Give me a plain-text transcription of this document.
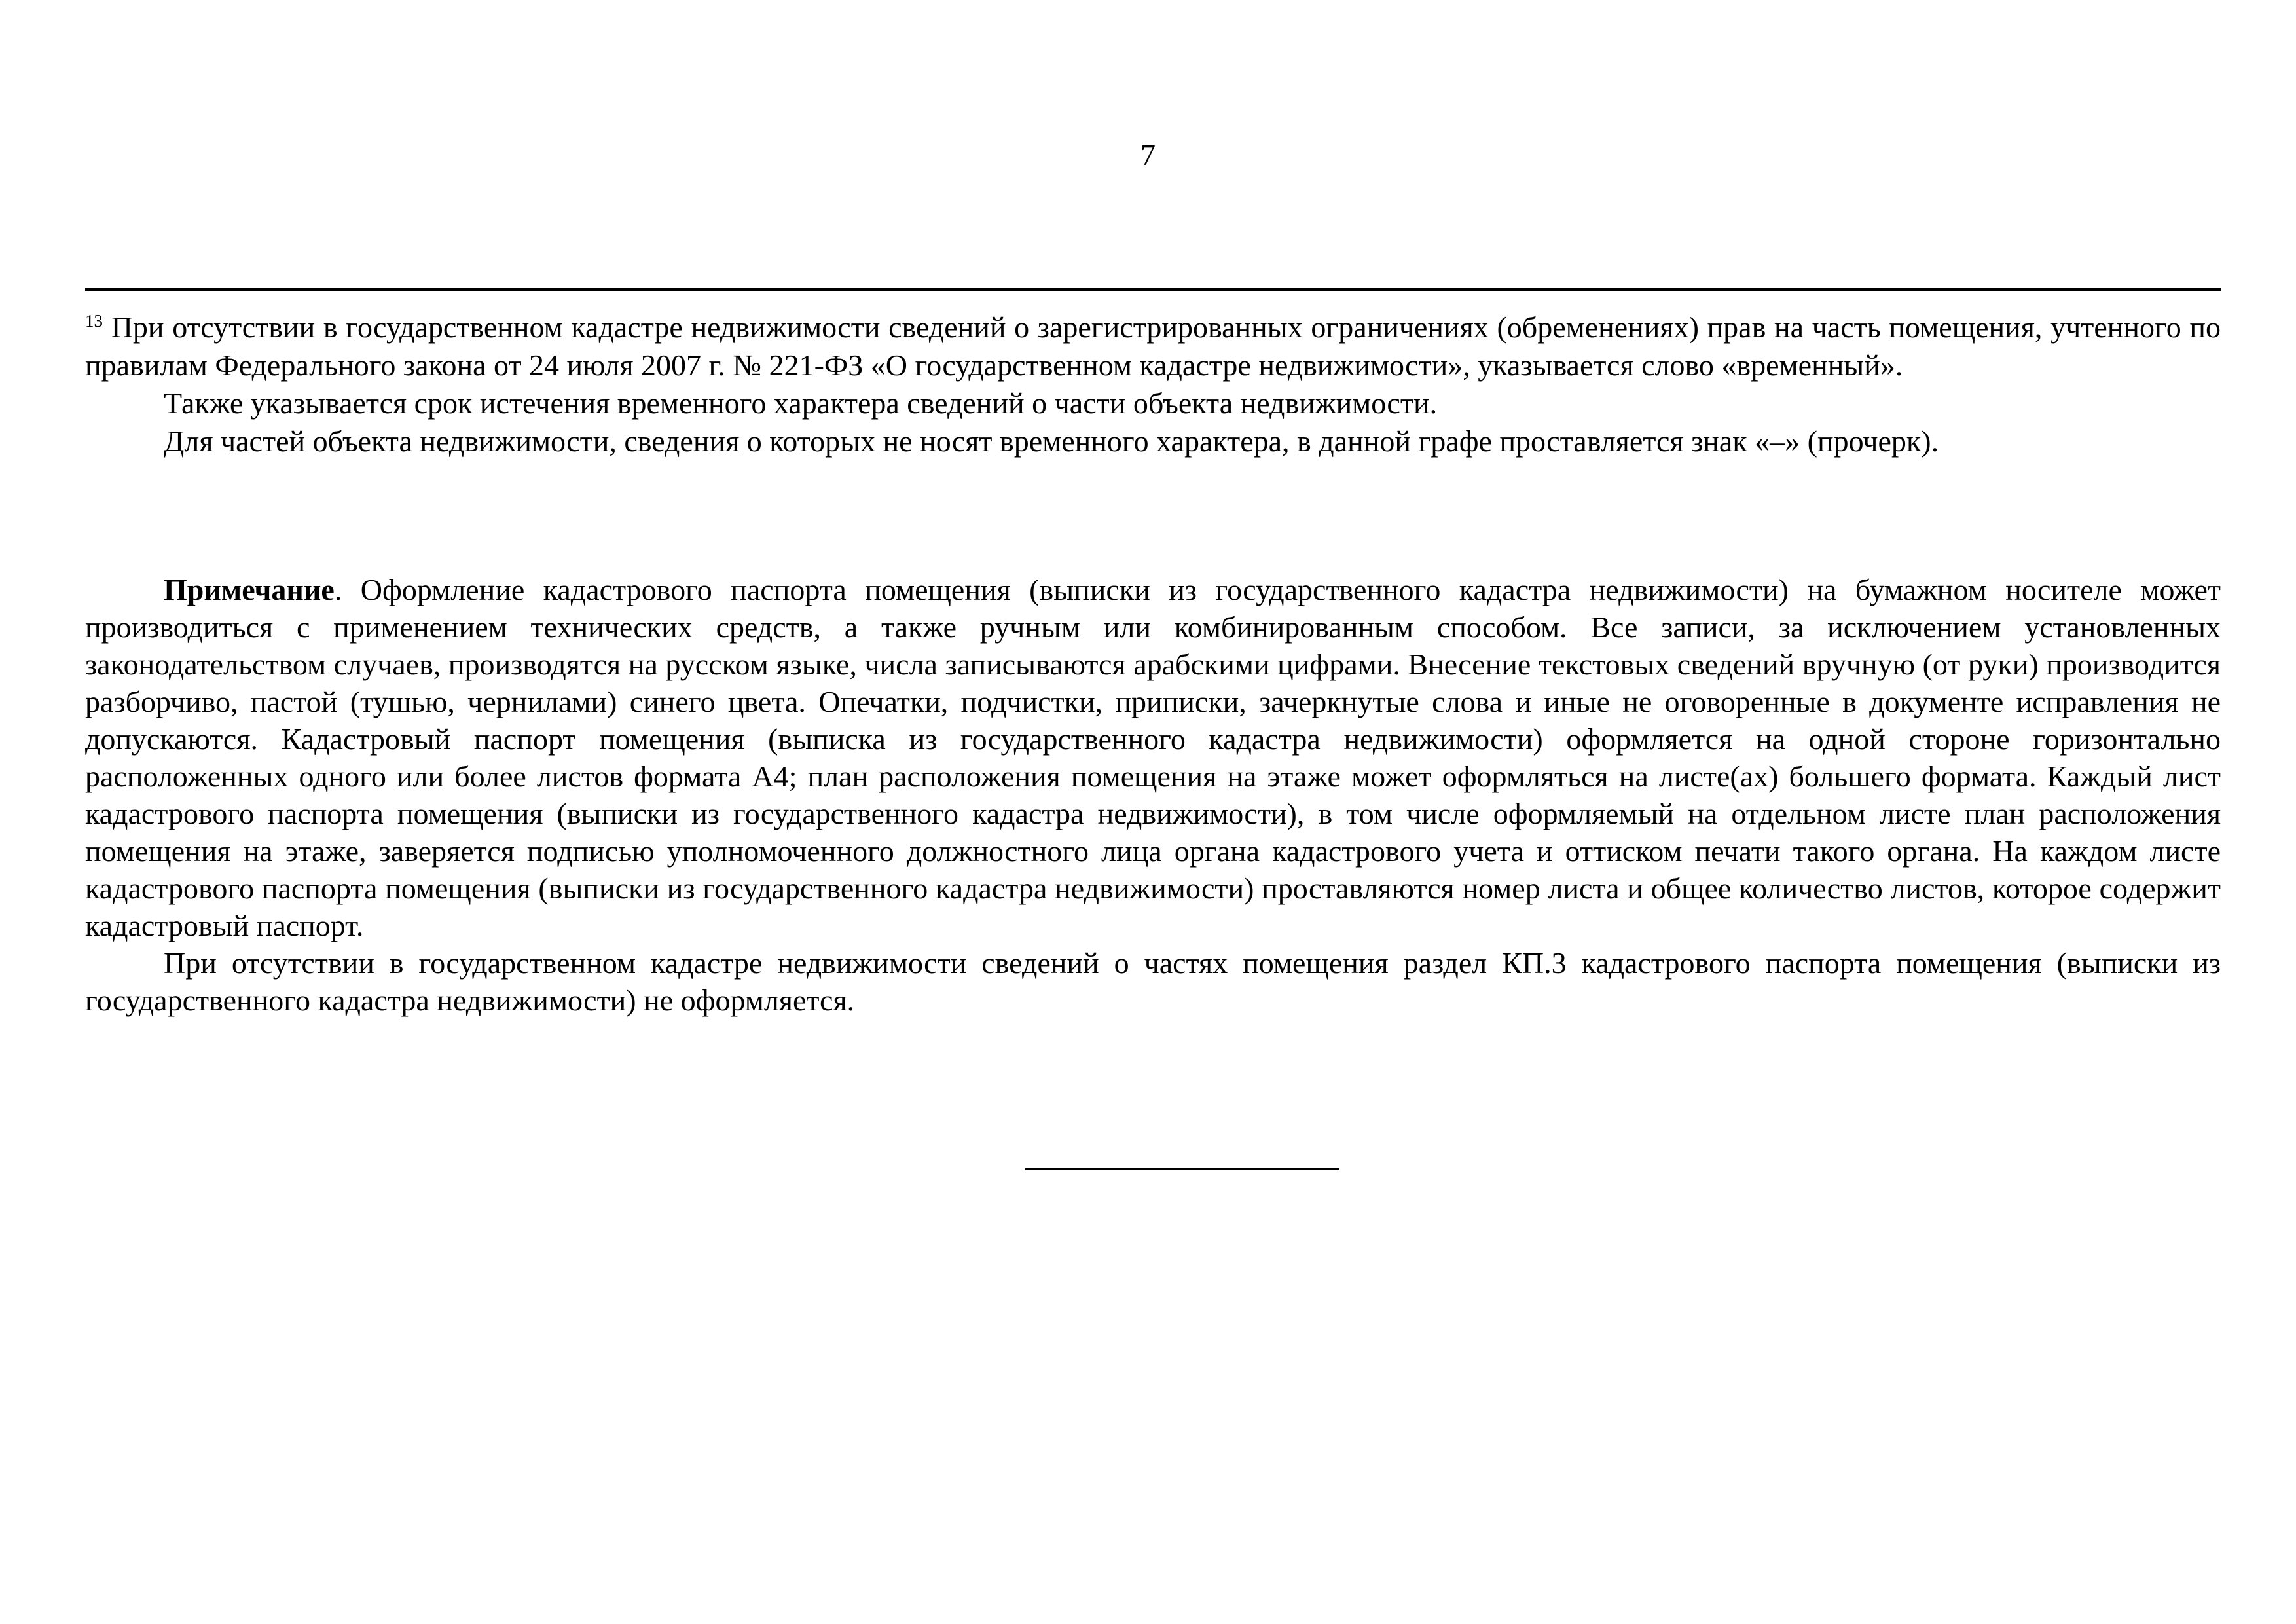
7

$^{13}$ При отсутствии в государственном кадастре недвижимости сведений о зарегистрированных ограничениях (обременениях) прав на часть помещения, учтенного по правилам Федерального закона от 24 июля 2007 г. № 221-ФЗ «О государственном кадастре недвижимости», указывается слово «временный».

Также указывается срок истечения временного характера сведений о части объекта недвижимости.

Для частей объекта недвижимости, сведения о которых не носят временного характера, в данной графе проставляется знак «–» (прочерк).

Примечание. Оформление кадастрового паспорта помещения (выписки из государственного кадастра недвижимости) на бумажном носителе может производиться с применением технических средств, а также ручным или комбинированным способом. Все записи, за исключением установленных законодательством случаев, производятся на русском языке, числа записываются арабскими цифрами. Внесение текстовых сведений вручную (от руки) производится разборчиво, пастой (тушью, чернилами) синего цвета. Опечатки, подчистки, приписки, зачеркнутые слова и иные не оговоренные в документе исправления не допускаются. Кадастровый паспорт помещения (выписка из государственного кадастра недвижимости) оформляется на одной стороне горизонтально расположенных одного или более листов формата А4; план расположения помещения на этаже может оформляться на листе(ах) большего формата. Каждый лист кадастрового паспорта помещения (выписки из государственного кадастра недвижимости), в том числе оформляемый на отдельном листе план расположения помещения на этаже, заверяется подписью уполномоченного должностного лица органа кадастрового учета и оттиском печати такого органа. На каждом листе кадастрового паспорта помещения (выписки из государственного кадастра недвижимости) проставляются номер листа и общее количество листов, которое содержит кадастровый паспорт.

При отсутствии в государственном кадастре недвижимости сведений о частях помещения раздел КП.3 кадастрового паспорта помещения (выписки из государственного кадастра недвижимости) не оформляется.
